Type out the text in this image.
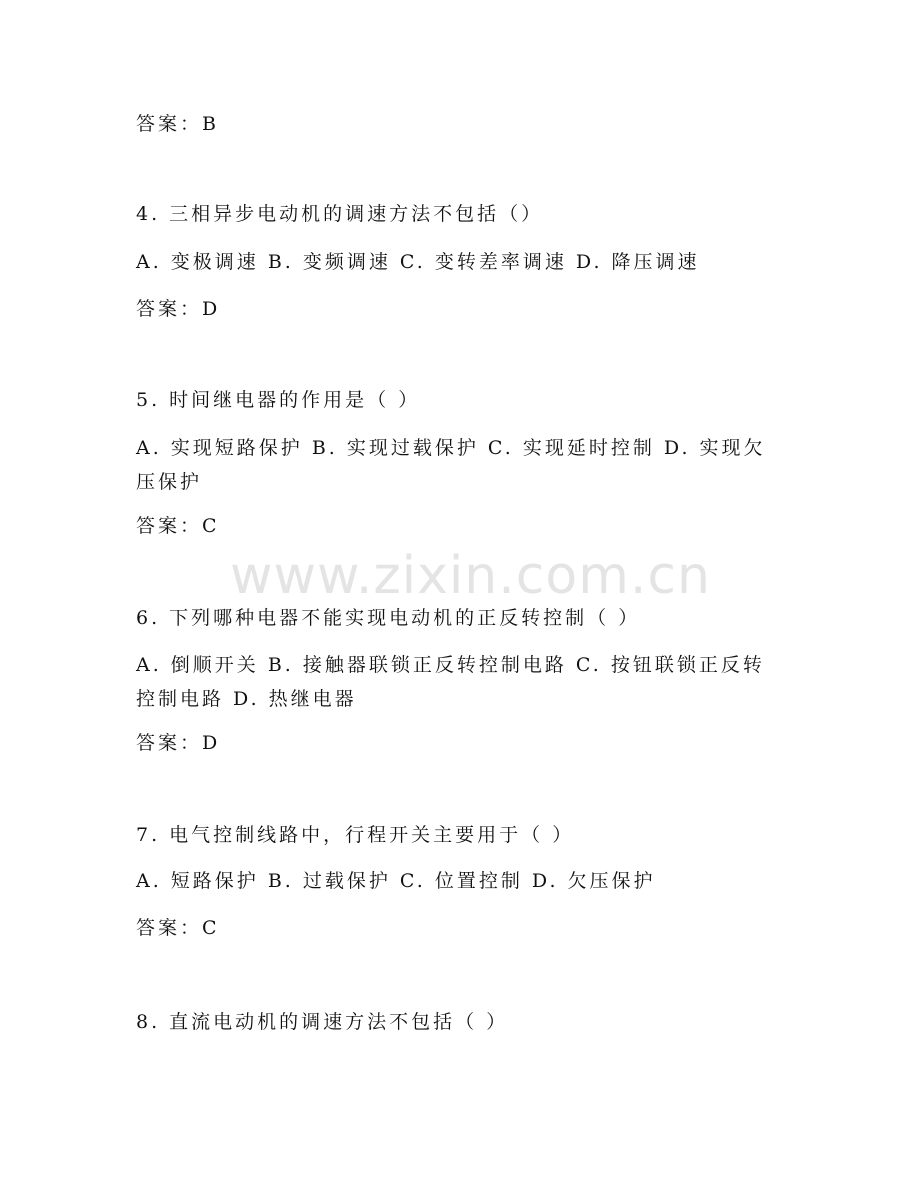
www.zixin.com.cn
答案：B
4. 三相异步电动机的调速方法不包括（）
A. 变极调速 B. 变频调速 C. 变转差率调速 D. 降压调速
答案：D
5. 时间继电器的作用是（ ）
A. 实现短路保护 B. 实现过载保护 C. 实现延时控制 D. 实现欠压保护
答案：C
6. 下列哪种电器不能实现电动机的正反转控制（ ）
A. 倒顺开关 B. 接触器联锁正反转控制电路 C. 按钮联锁正反转控制电路 D. 热继电器
答案：D
7. 电气控制线路中，行程开关主要用于（ ）
A. 短路保护 B. 过载保护 C. 位置控制 D. 欠压保护
答案：C
8. 直流电动机的调速方法不包括（ ）
